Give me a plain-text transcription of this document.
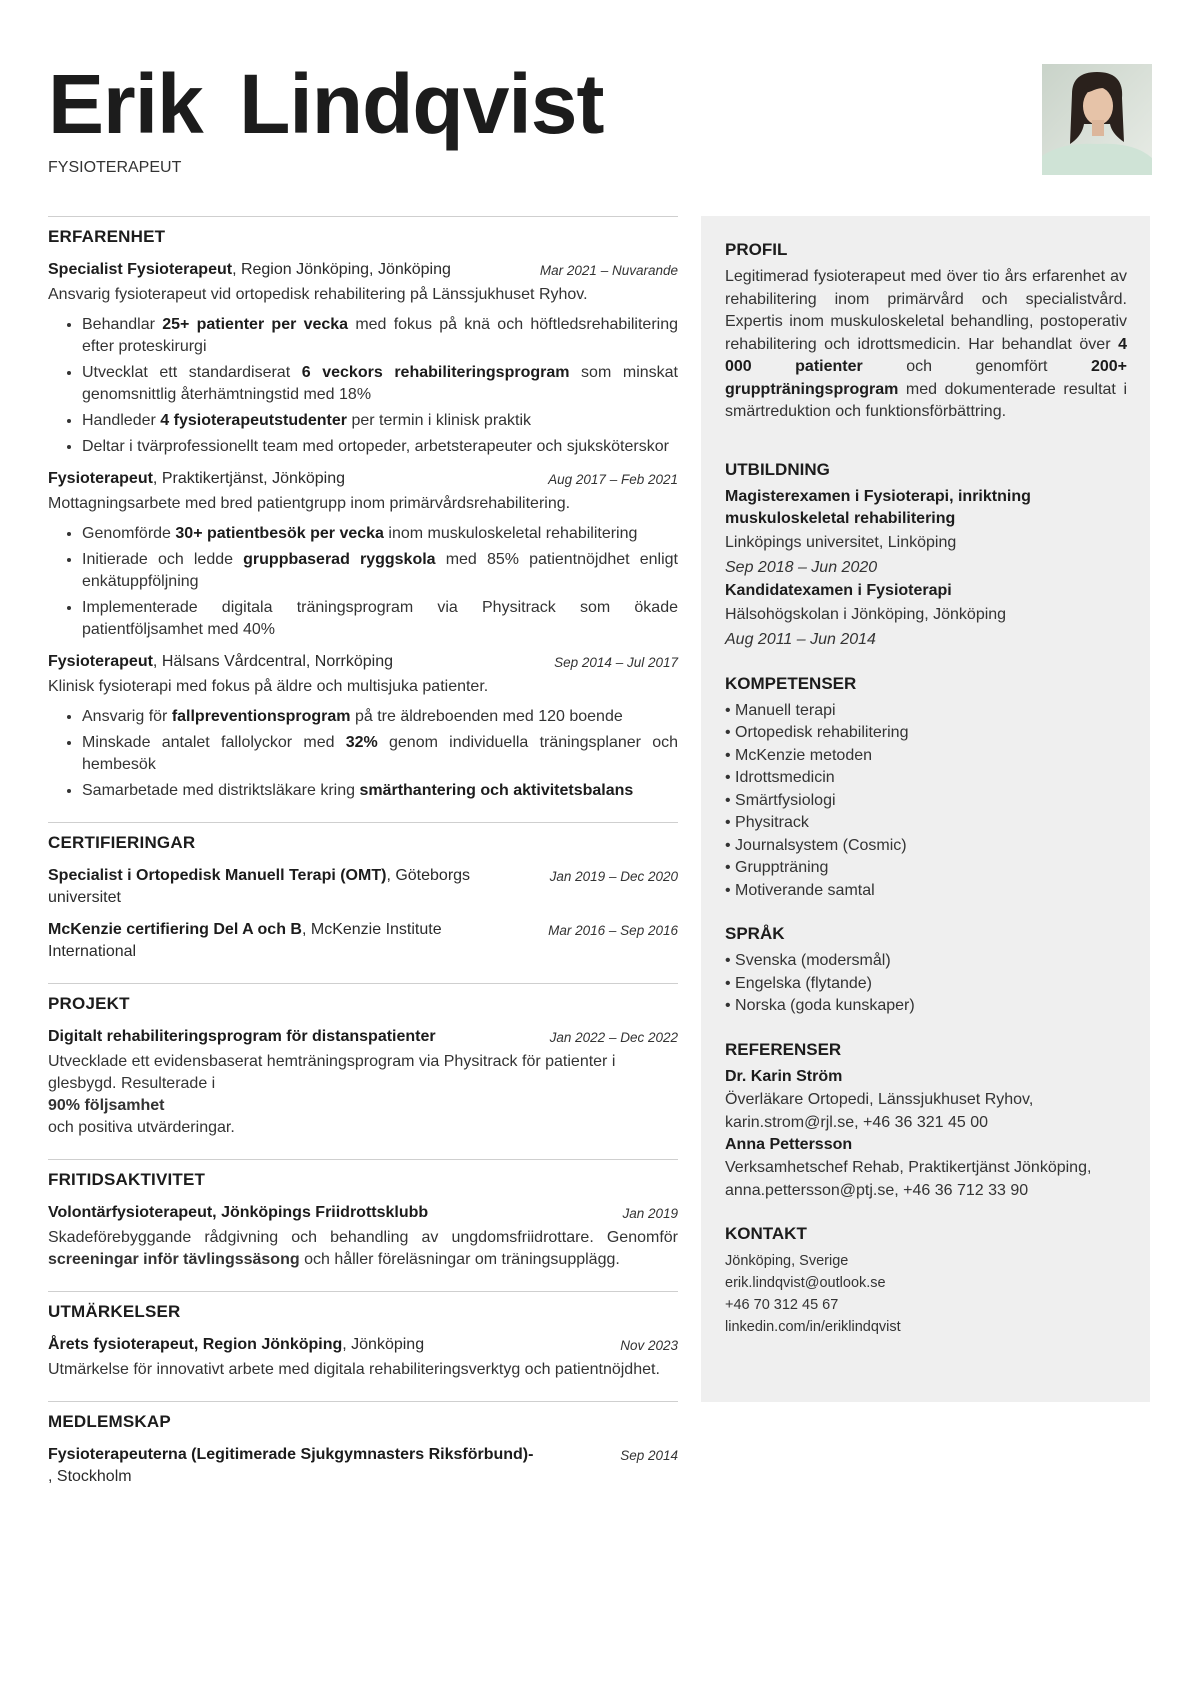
Erik Lindqvist
FYSIOTERAPEUT
ERFARENHET
Specialist Fysioterapeut, Region Jönköping, Jönköping	Mar 2021 – Nuvarande
Ansvarig fysioterapeut vid ortopedisk rehabilitering på Länssjukhuset Ryhov.
• Behandlar 25+ patienter per vecka med fokus på knä och höftledsrehabilitering efter proteskirurgi
• Utvecklat ett standardiserat 6 veckors rehabiliteringsprogram som minskat genomsnittlig återhämtningstid med 18%
• Handleder 4 fysioterapeutstudenter per termin i klinisk praktik
• Deltar i tvärprofessionellt team med ortopeder, arbetsterapeuter och sjuksköterskor
Fysioterapeut, Praktikertjänst, Jönköping	Aug 2017 – Feb 2021
Mottagningsarbete med bred patientgrupp inom primärvårdsrehabilitering.
• Genomförde 30+ patientbesök per vecka inom muskuloskeletal rehabilitering
• Initierade och ledde gruppbaserad ryggskola med 85% patientnöjdhet enligt enkätuppföljning
• Implementerade digitala träningsprogram via Physitrack som ökade patientföljsamhet med 40%
Fysioterapeut, Hälsans Vårdcentral, Norrköping	Sep 2014 – Jul 2017
Klinisk fysioterapi med fokus på äldre och multisjuka patienter.
• Ansvarig för fallpreventionsprogram på tre äldreboenden med 120 boende
• Minskade antalet fallolyckor med 32% genom individuella träningsplaner och hembesök
• Samarbetade med distriktsläkare kring smärthantering och aktivitetsbalans
CERTIFIERINGAR
Specialist i Ortopedisk Manuell Terapi (OMT), Göteborgs universitet
Jan 2019 – Dec 2020
McKenzie certifiering Del A och B, McKenzie Institute International
Mar 2016 – Sep 2016
PROJEKT
Digitalt rehabiliteringsprogram för distanspatienter	Jan 2022 – Dec 2022
Utvecklade ett evidensbaserat hemträningsprogram via Physitrack för patienter i glesbygd. Resulterade i
90% följsamhet
och positiva utvärderingar.
FRITIDSAKTIVITET
Volontärfysioterapeut, Jönköpings Friidrottsklubb	Jan 2019
Skadeförebyggande rådgivning och behandling av ungdomsfriidrottare. Genomför screeningar inför tävlingssäsong och håller föreläsningar om träningsupplägg.
UTMÄRKELSER
Årets fysioterapeut, Region Jönköping, Jönköping	Nov 2023
Utmärkelse för innovativt arbete med digitala rehabiliteringsverktyg och patientnöjdhet.
MEDLEMSKAP
Fysioterapeuterna (Legitimerade Sjukgymnasters Riksförbund)-
, Stockholm
Sep 2014
PROFIL
Legitimerad fysioterapeut med över tio års erfarenhet av rehabilitering inom primärvård och specialistvård. Expertis inom muskuloskeletal behandling, postoperativ rehabilitering och idrottsmedicin. Har behandlat över 4 000 patienter och genomfört 200+ gruppträningsprogram med dokumenterade resultat i smärtreduktion och funktionsförbättring.
UTBILDNING
Magisterexamen i Fysioterapi, inriktning muskuloskeletal rehabilitering
Linköpings universitet, Linköping
Sep 2018 – Jun 2020
Kandidatexamen i Fysioterapi
Hälsohögskolan i Jönköping, Jönköping
Aug 2011 – Jun 2014
KOMPETENSER
• Manuell terapi
• Ortopedisk rehabilitering
• McKenzie metoden
• Idrottsmedicin
• Smärtfysiologi
• Physitrack
• Journalsystem (Cosmic)
• Gruppträning
• Motiverande samtal
SPRÅK
• Svenska (modersmål)
• Engelska (flytande)
• Norska (goda kunskaper)
REFERENSER
Dr. Karin Ström
Överläkare Ortopedi, Länssjukhuset Ryhov, karin.strom@rjl.se, +46 36 321 45 00
Anna Pettersson
Verksamhetschef Rehab, Praktikertjänst Jönköping, anna.pettersson@ptj.se, +46 36 712 33 90
KONTAKT
Jönköping, Sverige
erik.lindqvist@outlook.se
+46 70 312 45 67
linkedin.com/in/eriklindqvist
